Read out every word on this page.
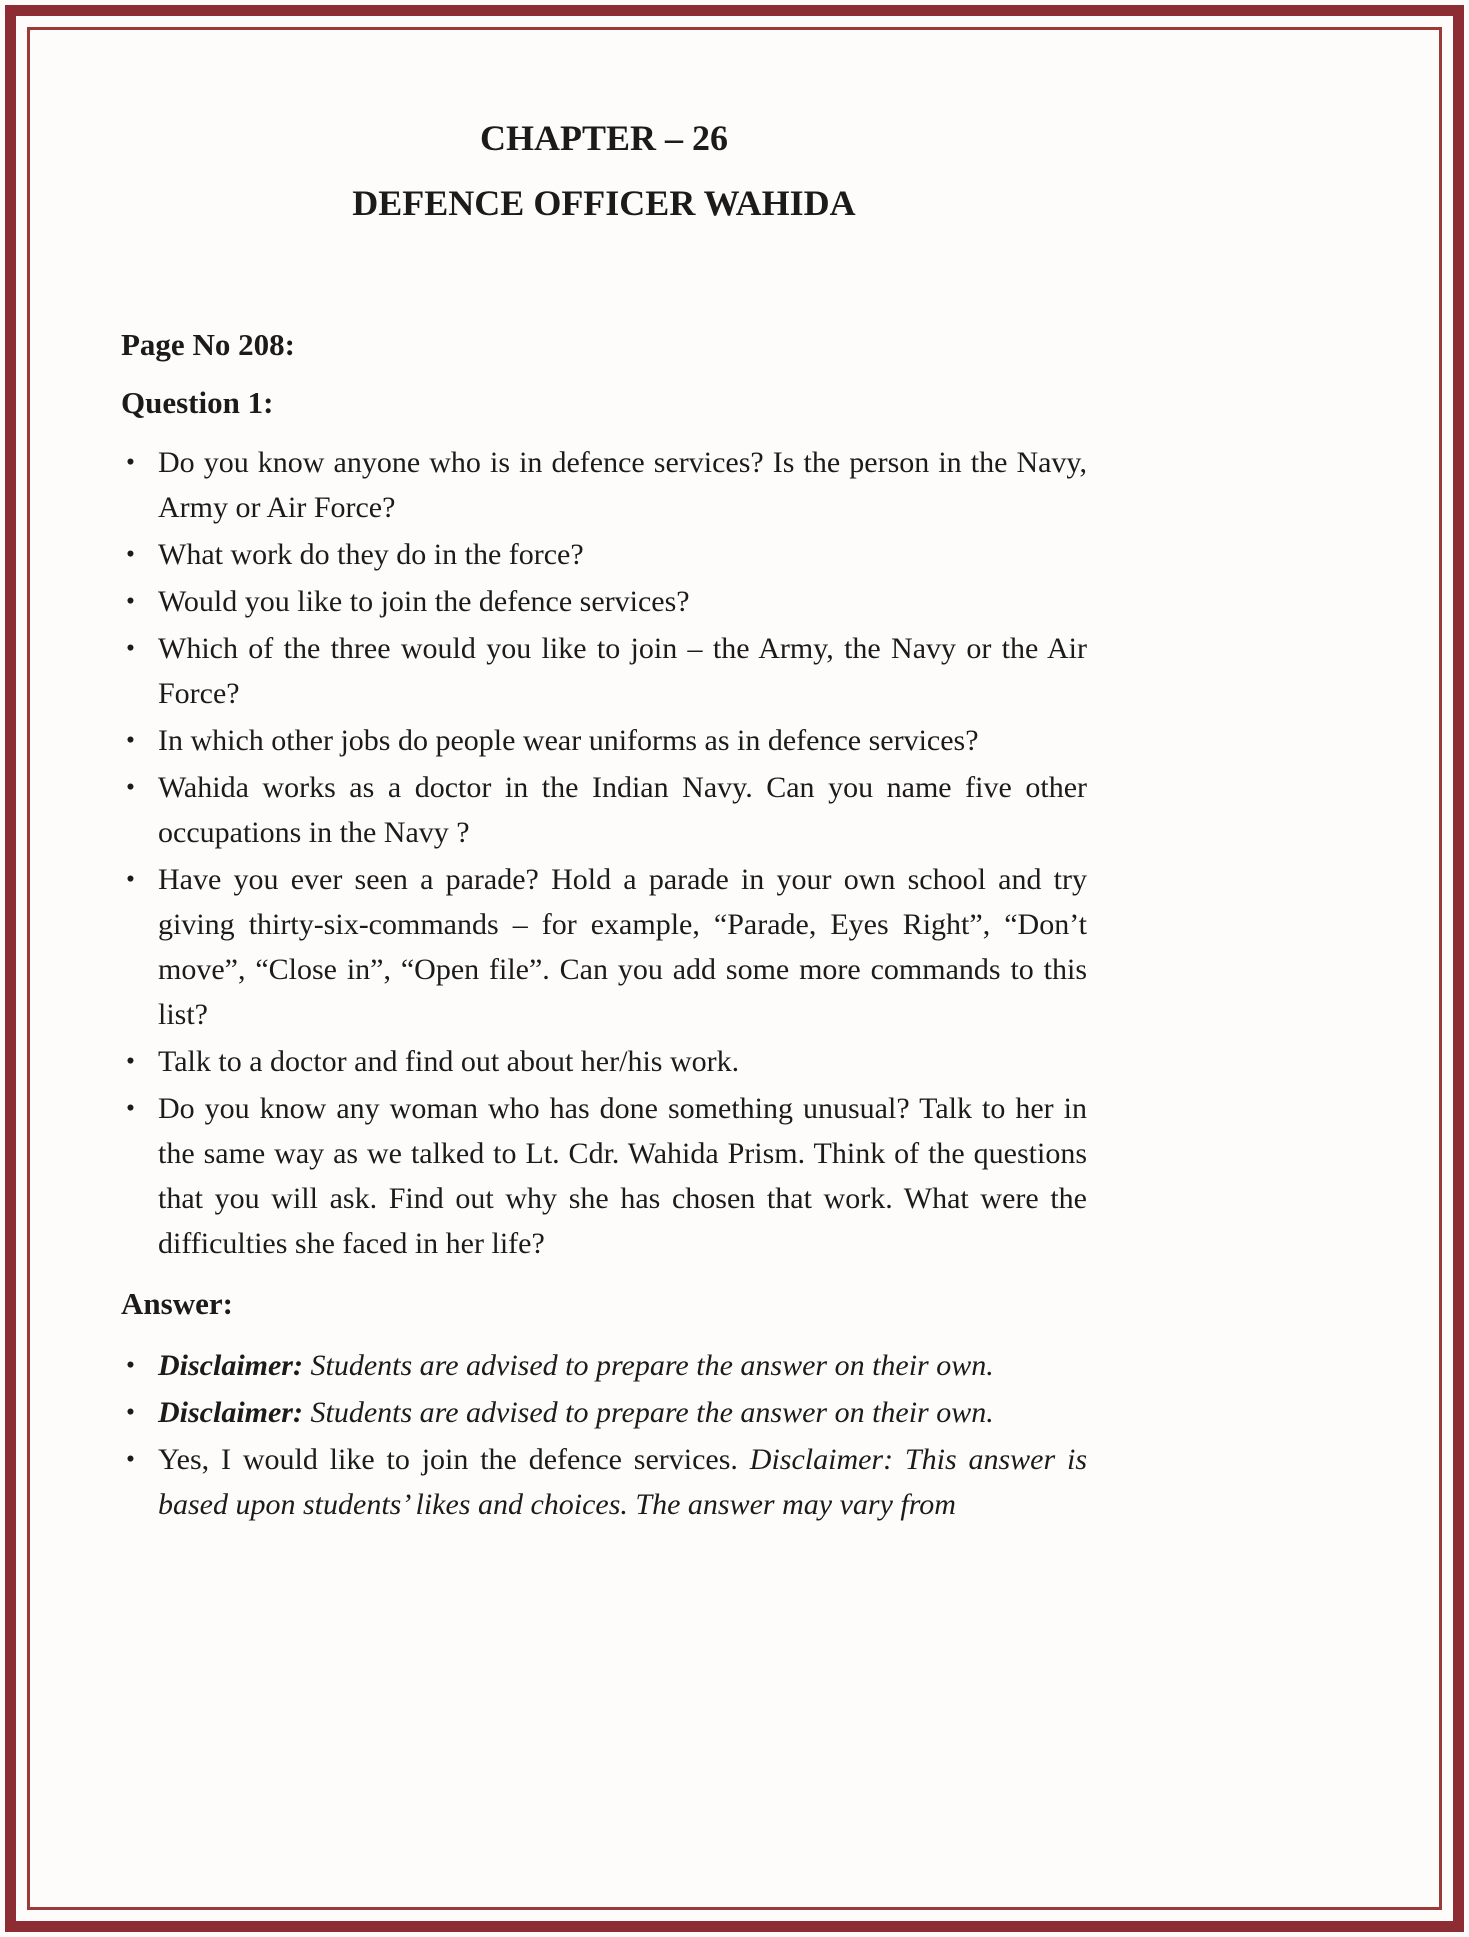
CHAPTER – 26
DEFENCE OFFICER WAHIDA

Page No 208:

Question 1:

• Do you know anyone who is in defence services? Is the person in the Navy, Army or Air Force?
• What work do they do in the force?
• Would you like to join the defence services?
• Which of the three would you like to join – the Army, the Navy or the Air Force?
• In which other jobs do people wear uniforms as in defence services?
• Wahida works as a doctor in the Indian Navy. Can you name five other occupations in the Navy ?
• Have you ever seen a parade? Hold a parade in your own school and try giving thirty-six-commands – for example, “Parade, Eyes Right”, “Don’t move”, “Close in”, “Open file”. Can you add some more commands to this list?
• Talk to a doctor and find out about her/his work.
• Do you know any woman who has done something unusual? Talk to her in the same way as we talked to Lt. Cdr. Wahida Prism. Think of the questions that you will ask. Find out why she has chosen that work. What were the difficulties she faced in her life?

Answer:

• Disclaimer: Students are advised to prepare the answer on their own.
• Disclaimer: Students are advised to prepare the answer on their own.
• Yes, I would like to join the defence services. Disclaimer: This answer is based upon students’ likes and choices. The answer may vary from
